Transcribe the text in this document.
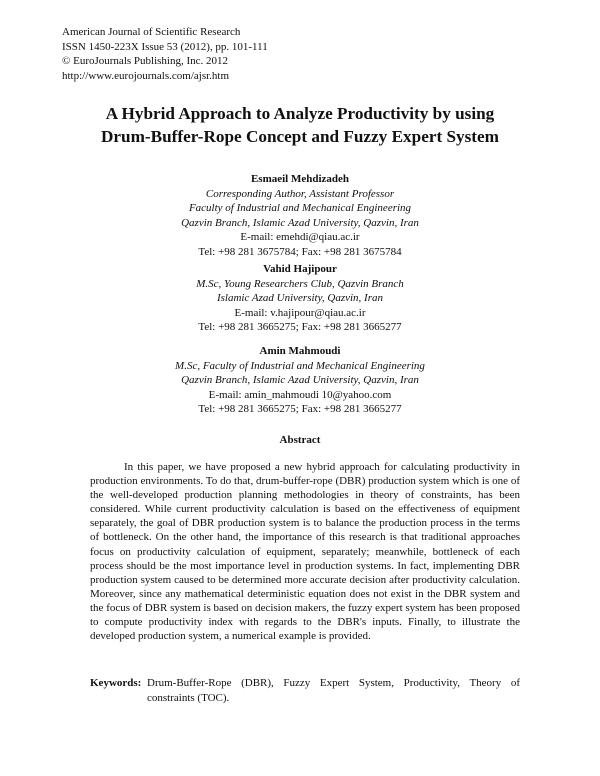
American Journal of Scientific Research
ISSN 1450-223X Issue 53 (2012), pp. 101-111
© EuroJournals Publishing, Inc. 2012
http://www.eurojournals.com/ajsr.htm
A Hybrid Approach to Analyze Productivity by using
Drum-Buffer-Rope Concept and Fuzzy Expert System
Esmaeil Mehdizadeh
Corresponding Author, Assistant Professor
Faculty of Industrial and Mechanical Engineering
Qazvin Branch, Islamic Azad University, Qazvin, Iran
E-mail: emehdi@qiau.ac.ir
Tel: +98 281 3675784; Fax: +98 281 3675784
Vahid Hajipour
M.Sc, Young Researchers Club, Qazvin Branch
Islamic Azad University, Qazvin, Iran
E-mail: v.hajipour@qiau.ac.ir
Tel: +98 281 3665275; Fax: +98 281 3665277
Amin Mahmoudi
M.Sc, Faculty of Industrial and Mechanical Engineering
Qazvin Branch, Islamic Azad University, Qazvin, Iran
E-mail: amin_mahmoudi 10@yahoo.com
Tel: +98 281 3665275; Fax: +98 281 3665277
Abstract

In this paper, we have proposed a new hybrid approach for calculating productivity in production environments. To do that, drum-buffer-rope (DBR) production system which is one of the well-developed production planning methodologies in theory of constraints, has been considered. While current productivity calculation is based on the effectiveness of equipment separately, the goal of DBR production system is to balance the production process in the terms of bottleneck. On the other hand, the importance of this research is that traditional approaches focus on productivity calculation of equipment, separately; meanwhile, bottleneck of each process should be the most importance level in production systems. In fact, implementing DBR production system caused to be determined more accurate decision after productivity calculation. Moreover, since any mathematical deterministic equation does not exist in the DBR system and the focus of DBR system is based on decision makers, the fuzzy expert system has been proposed to compute productivity index with regards to the DBR's inputs. Finally, to illustrate the developed production system, a numerical example is provided.

Keywords: Drum-Buffer-Rope (DBR), Fuzzy Expert System, Productivity, Theory of constraints (TOC).
